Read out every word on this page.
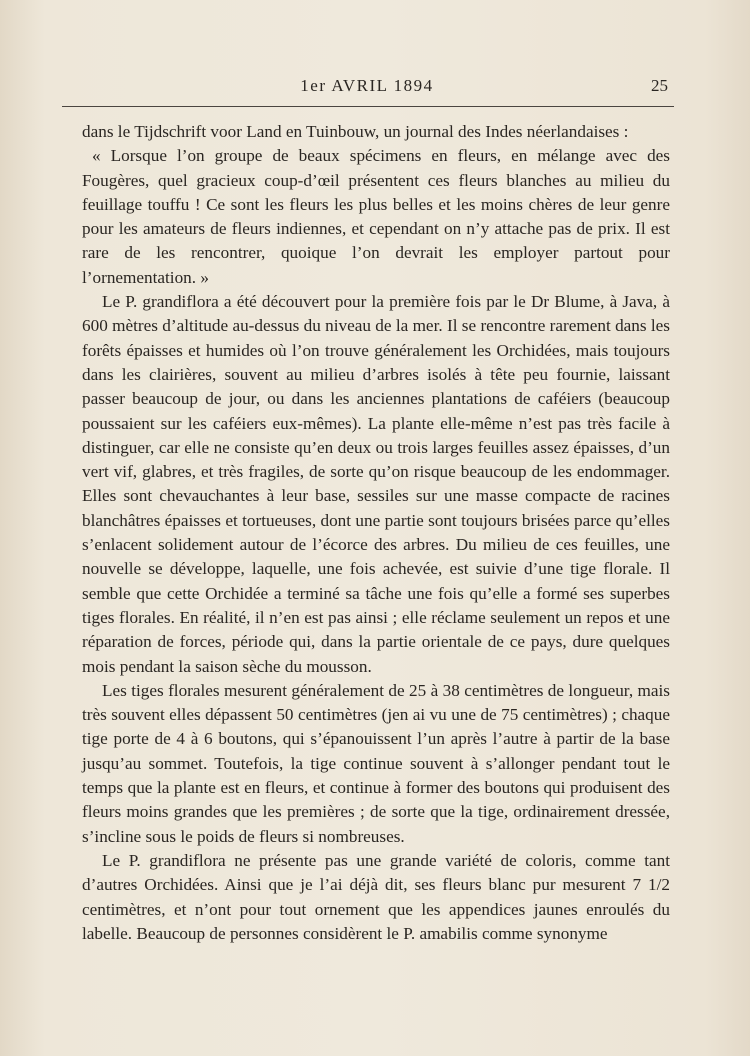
1er AVRIL 1894	25

dans le Tijdschrift voor Land en Tuinbouw, un journal des Indes néerlandaises :

« Lorsque l’on groupe de beaux spécimens en fleurs, en mélange avec des Fougères, quel gracieux coup-d’œil présentent ces fleurs blanches au milieu du feuillage touffu ! Ce sont les fleurs les plus belles et les moins chères de leur genre pour les amateurs de fleurs indiennes, et cependant on n’y attache pas de prix. Il est rare de les rencontrer, quoique l’on devrait les employer partout pour l’ornementation. »

Le P. grandiflora a été découvert pour la première fois par le Dr Blume, à Java, à 600 mètres d’altitude au-dessus du niveau de la mer. Il se rencontre rarement dans les forêts épaisses et humides où l’on trouve généralement les Orchidées, mais toujours dans les clairières, souvent au milieu d’arbres isolés à tête peu fournie, laissant passer beaucoup de jour, ou dans les anciennes plantations de caféiers (beaucoup poussaient sur les caféiers eux-mêmes). La plante elle-même n’est pas très facile à distinguer, car elle ne consiste qu’en deux ou trois larges feuilles assez épaisses, d’un vert vif, glabres, et très fragiles, de sorte qu’on risque beaucoup de les endommager. Elles sont chevauchantes à leur base, sessiles sur une masse compacte de racines blanchâtres épaisses et tortueuses, dont une partie sont toujours brisées parce qu’elles s’enlacent solidement autour de l’écorce des arbres. Du milieu de ces feuilles, une nouvelle se développe, laquelle, une fois achevée, est suivie d’une tige florale. Il semble que cette Orchidée a terminé sa tâche une fois qu’elle a formé ses superbes tiges florales. En réalité, il n’en est pas ainsi ; elle réclame seulement un repos et une réparation de forces, période qui, dans la partie orientale de ce pays, dure quelques mois pendant la saison sèche du mousson.

Les tiges florales mesurent généralement de 25 à 38 centimètres de longueur, mais très souvent elles dépassent 50 centimètres (jen ai vu une de 75 centimètres) ; chaque tige porte de 4 à 6 boutons, qui s’épanouissent l’un après l’autre à partir de la base jusqu’au sommet. Toutefois, la tige continue souvent à s’allonger pendant tout le temps que la plante est en fleurs, et continue à former des boutons qui produisent des fleurs moins grandes que les premières ; de sorte que la tige, ordinairement dressée, s’incline sous le poids de fleurs si nombreuses.

Le P. grandiflora ne présente pas une grande variété de coloris, comme tant d’autres Orchidées. Ainsi que je l’ai déjà dit, ses fleurs blanc pur mesurent 7 1/2 centimètres, et n’ont pour tout ornement que les appendices jaunes enroulés du labelle. Beaucoup de personnes considèrent le P. amabilis comme synonyme
